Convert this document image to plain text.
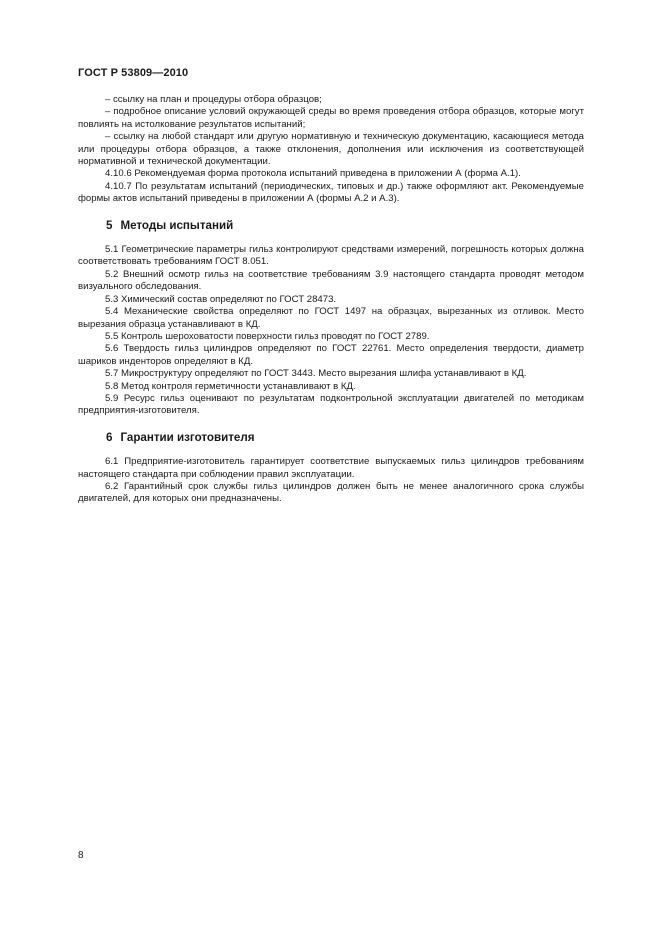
ГОСТ Р 53809—2010

– ссылку на план и процедуры отбора образцов;

– подробное описание условий окружающей среды во время проведения отбора образцов, которые могут повлиять на истолкование результатов испытаний;

– ссылку на любой стандарт или другую нормативную и техническую документацию, касающиеся метода или процедуры отбора образцов, а также отклонения, дополнения или исключения из соответствующей нормативной и технической документации.

4.10.6 Рекомендуемая форма протокола испытаний приведена в приложении А (форма А.1).

4.10.7 По результатам испытаний (периодических, типовых и др.) также оформляют акт. Рекомендуемые формы актов испытаний приведены в приложении А (формы А.2 и А.3).

5 Методы испытаний

5.1 Геометрические параметры гильз контролируют средствами измерений, погрешность которых должна соответствовать требованиям ГОСТ 8.051.

5.2 Внешний осмотр гильз на соответствие требованиям 3.9 настоящего стандарта проводят методом визуального обследования.

5.3 Химический состав определяют по ГОСТ 28473.

5.4 Механические свойства определяют по ГОСТ 1497 на образцах, вырезанных из отливок. Место вырезания образца устанавливают в КД.

5.5 Контроль шероховатости поверхности гильз проводят по ГОСТ 2789.

5.6 Твердость гильз цилиндров определяют по ГОСТ 22761. Место определения твердости, диаметр шариков инденторов определяют в КД.

5.7 Микроструктуру определяют по ГОСТ 3443. Место вырезания шлифа устанавливают в КД.

5.8 Метод контроля герметичности устанавливают в КД.

5.9 Ресурс гильз оценивают по результатам подконтрольной эксплуатации двигателей по методикам предприятия-изготовителя.

6 Гарантии изготовителя

6.1 Предприятие-изготовитель гарантирует соответствие выпускаемых гильз цилиндров требованиям настоящего стандарта при соблюдении правил эксплуатации.

6.2 Гарантийный срок службы гильз цилиндров должен быть не менее аналогичного срока службы двигателей, для которых они предназначены.

8
